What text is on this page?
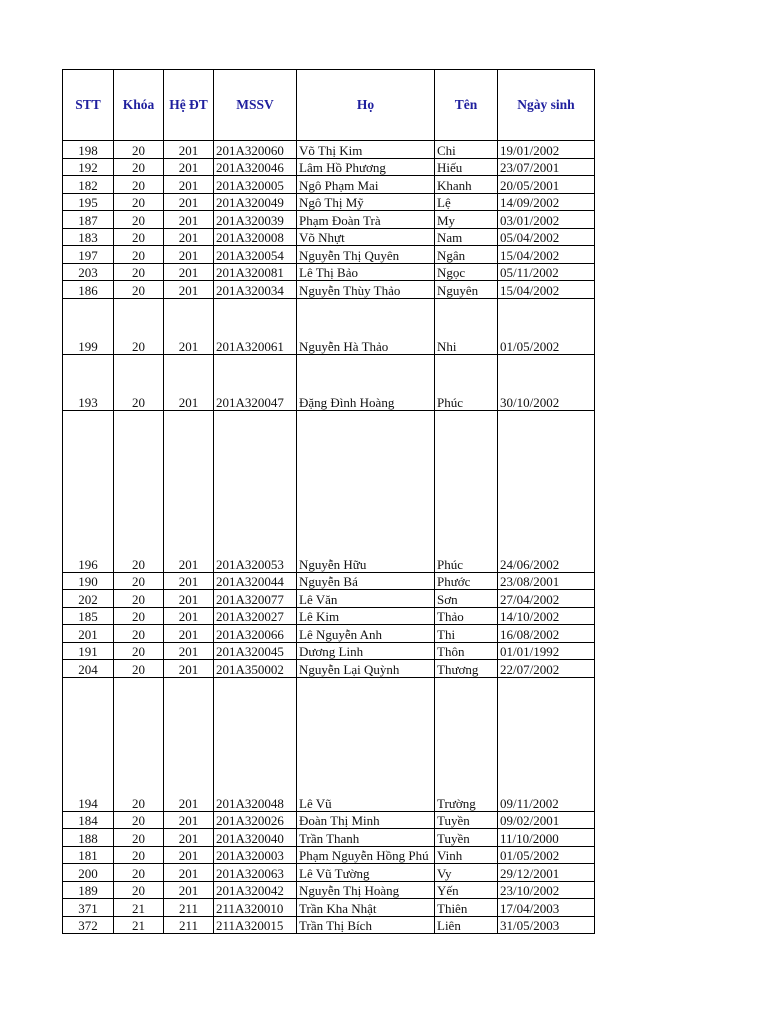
STT	Khóa	Hệ ĐT	MSSV	Họ	Tên	Ngày sinh
198	20	201	201A320060	Võ Thị Kim	Chi	19/01/2002
192	20	201	201A320046	Lâm Hồ Phương	Hiếu	23/07/2001
182	20	201	201A320005	Ngô Phạm Mai	Khanh	20/05/2001
195	20	201	201A320049	Ngô Thị Mỹ	Lệ	14/09/2002
187	20	201	201A320039	Phạm Đoàn Trà	My	03/01/2002
183	20	201	201A320008	Võ Nhựt	Nam	05/04/2002
197	20	201	201A320054	Nguyễn Thị Quyên	Ngân	15/04/2002
203	20	201	201A320081	Lê Thị Bảo	Ngọc	05/11/2002
186	20	201	201A320034	Nguyễn Thùy Thảo	Nguyên	15/04/2002
199	20	201	201A320061	Nguyễn Hà Thảo	Nhi	01/05/2002
193	20	201	201A320047	Đặng Đình Hoàng	Phúc	30/10/2002
196	20	201	201A320053	Nguyễn Hữu	Phúc	24/06/2002
190	20	201	201A320044	Nguyễn Bá	Phước	23/08/2001
202	20	201	201A320077	Lê Văn	Sơn	27/04/2002
185	20	201	201A320027	Lê Kim	Thảo	14/10/2002
201	20	201	201A320066	Lê Nguyễn Anh	Thi	16/08/2002
191	20	201	201A320045	Dương Linh	Thôn	01/01/1992
204	20	201	201A350002	Nguyễn Lại Quỳnh	Thương	22/07/2002
194	20	201	201A320048	Lê Vũ	Trường	09/11/2002
184	20	201	201A320026	Đoàn Thị Minh	Tuyền	09/02/2001
188	20	201	201A320040	Trần Thanh	Tuyền	11/10/2000
181	20	201	201A320003	Phạm Nguyễn Hồng Phú	Vinh	01/05/2002
200	20	201	201A320063	Lê Vũ Tường	Vy	29/12/2001
189	20	201	201A320042	Nguyễn Thị Hoàng	Yến	23/10/2002
371	21	211	211A320010	Trần Kha Nhật	Thiên	17/04/2003
372	21	211	211A320015	Trần Thị Bích	Liên	31/05/2003
